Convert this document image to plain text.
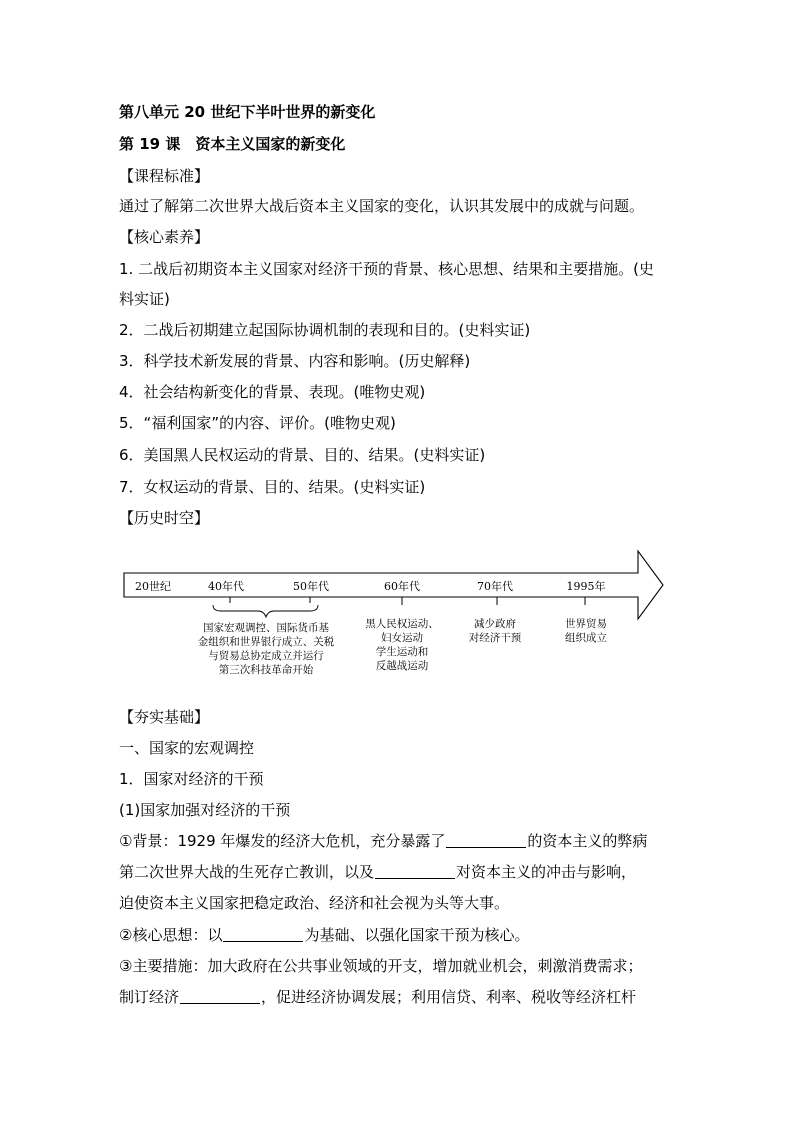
第八单元 20 世纪下半叶世界的新变化
第 19 课　资本主义国家的新变化
【课程标准】
通过了解第二次世界大战后资本主义国家的变化，认识其发展中的成就与问题。
【核心素养】
1. 二战后初期资本主义国家对经济干预的背景、核心思想、结果和主要措施。(史
料实证)
2．二战后初期建立起国际协调机制的表现和目的。(史料实证)
3．科学技术新发展的背景、内容和影响。(历史解释)
4．社会结构新变化的背景、表现。(唯物史观)
5．“福利国家”的内容、评价。(唯物史观)
6．美国黑人民权运动的背景、目的、结果。(史料实证)
7．女权运动的背景、目的、结果。(史料实证)
【历史时空】
20世纪	40年代	50年代	60年代	70年代	1995年
国家宏观调控、国际货币基
金组织和世界银行成立、关税
与贸易总协定成立并运行
第三次科技革命开始
黑人民权运动、
妇女运动
学生运动和
反越战运动
减少政府
对经济干预
世界贸易
组织成立
【夯实基础】
一、国家的宏观调控
1．国家对经济的干预
(1)国家加强对经济的干预
①背景：1929 年爆发的经济大危机，充分暴露了	的资本主义的弊病
第二次世界大战的生死存亡教训，以及	对资本主义的冲击与影响，
迫使资本主义国家把稳定政治、经济和社会视为头等大事。
②核心思想：以	为基础、以强化国家干预为核心。
③主要措施：加大政府在公共事业领域的开支，增加就业机会，刺激消费需求；
制订经济	，促进经济协调发展；利用信贷、利率、税收等经济杠杆
